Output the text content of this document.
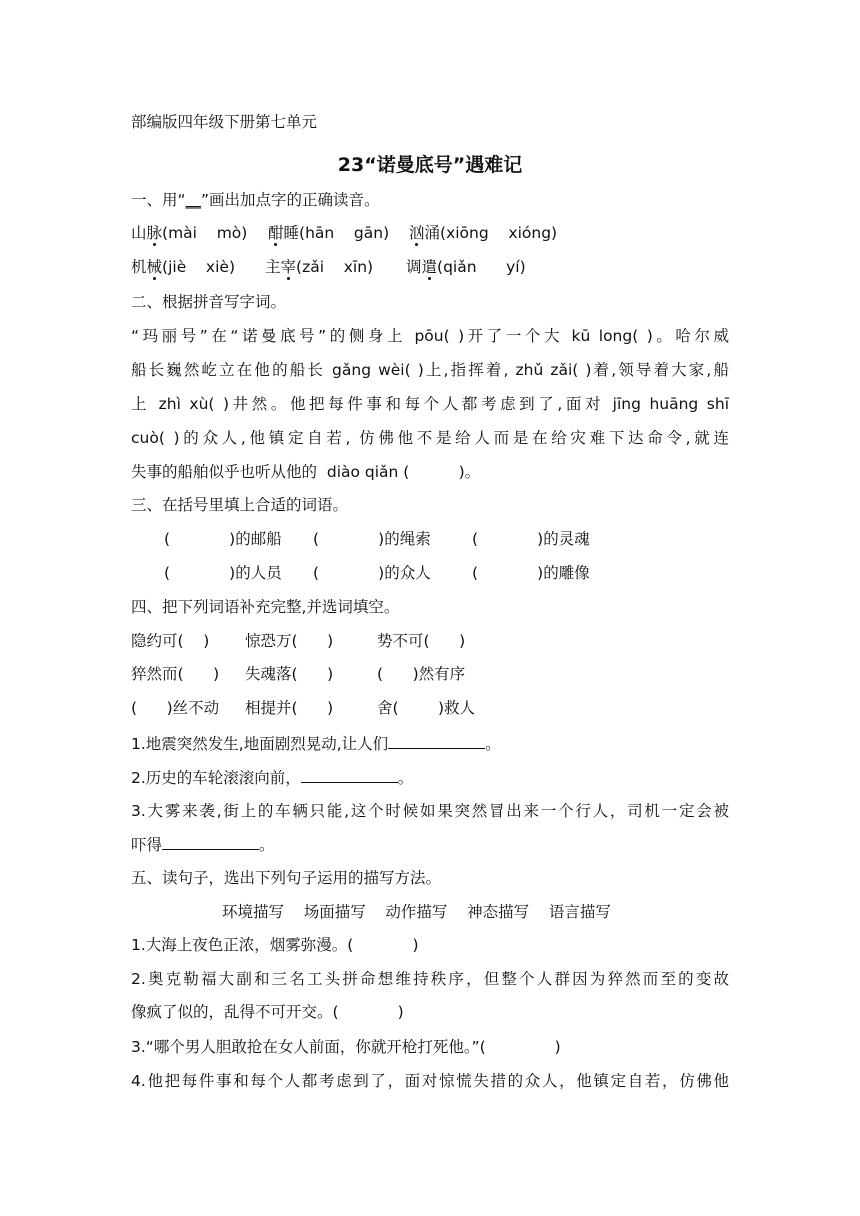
部编版四年级下册第七单元
23“诺曼底号”遇难记
一、用“__”画出加点字的正确读音。
山脉(mài    mò) 酣睡(hān    gān) 汹涌(xiōng    xióng)
机械(jiè    xiè) 主宰(zǎi    xīn) 调遣(qiǎn      yí)
二、根据拼音写字词。
“玛丽号”在“诺曼底号”的侧身上 pōu( )开了一个大 kū long( )。哈尔威
船长巍然屹立在他的船长 gǎng wèi( )上,指挥着, zhǔ zǎi( )着,领导着大家,船
上 zhì xù( )井然。他把每件事和每个人都考虑到了,面对 jīng huāng shī
cuò( )的众人,他镇定自若, 仿佛他不是给人而是在给灾难下达命令,就连
失事的船舶似乎也听从他的  diào qiǎn (          )。
三、在括号里填上合适的词语。
(            )的邮船 (            )的绳索	(            )的灵魂
(            )的人员 (            )的众人	(            )的雕像
四、把下列词语补充完整,并选词填空。
隐约可(    ) 惊恐万(      )	势不可(      )
猝然而(      ) 失魂落(      )	(      )然有序
(      )丝不动 相提并(      )	舍(        )救人
1.地震突然发生,地面剧烈晃动,让人们	。
2.历史的车轮滚滚向前，	。
3.大雾来袭,街上的车辆只能,这个时候如果突然冒出来一个行人，司机一定会被
吓得	。
五、读句子，选出下列句子运用的描写方法。
环境描写    场面描写    动作描写    神态描写    语言描写
1.大海上夜色正浓，烟雾弥漫。(            )
2.奥克勒福大副和三名工头拼命想维持秩序，但整个人群因为猝然而至的变故
像疯了似的，乱得不可开交。(            )
3.“哪个男人胆敢抢在女人前面，你就开枪打死他。”(              )
4.他把每件事和每个人都考虑到了，面对惊慌失措的众人，他镇定自若，仿佛他
